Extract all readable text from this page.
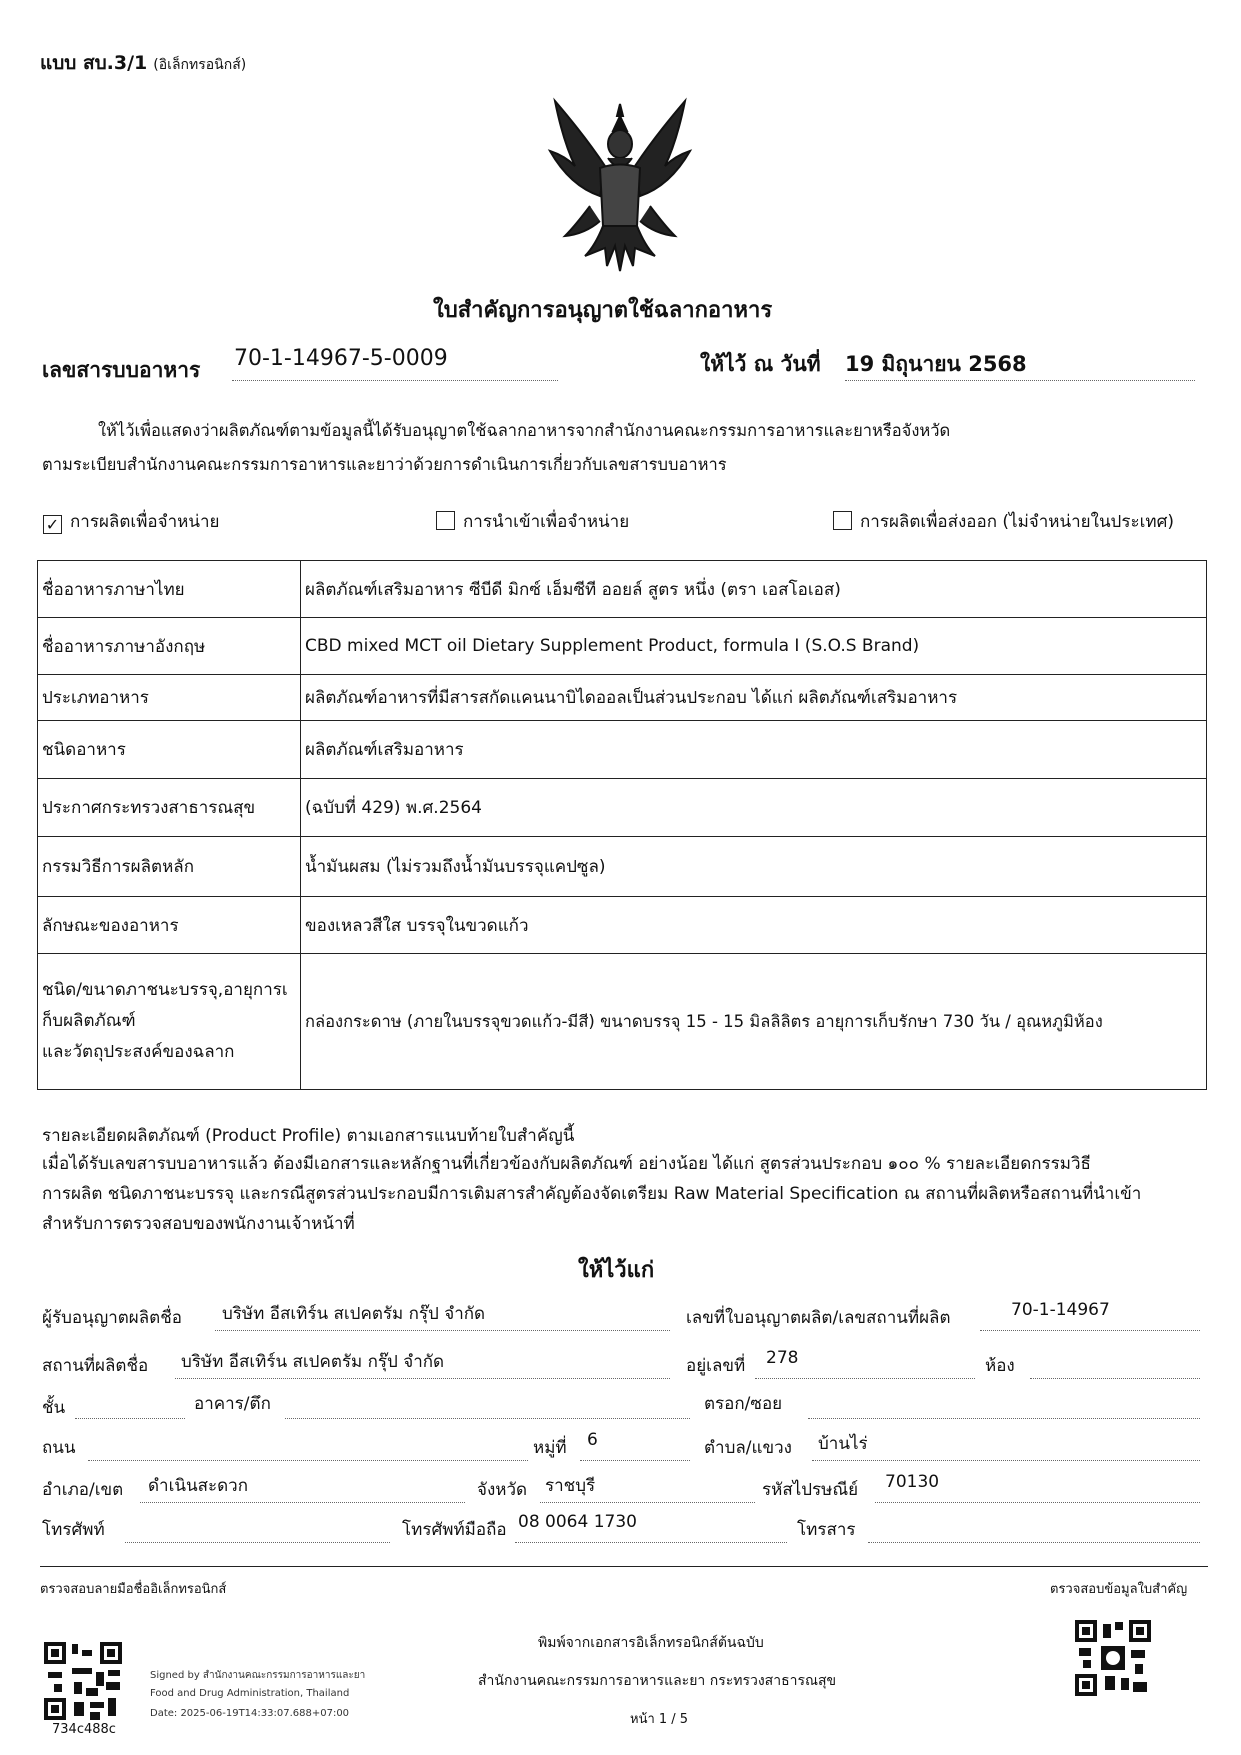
แบบ สบ.3/1 (อิเล็กทรอนิกส์)
ใบสำคัญการอนุญาตใช้ฉลากอาหาร
เลขสารบบอาหาร 70-1-14967-5-0009	ให้ไว้ ณ วันที่ 19 มิถุนายน 2568
ให้ไว้เพื่อแสดงว่าผลิตภัณฑ์ตามข้อมูลนี้ได้รับอนุญาตใช้ฉลากอาหารจากสำนักงานคณะกรรมการอาหารและยาหรือจังหวัด
ตามระเบียบสำนักงานคณะกรรมการอาหารและยาว่าด้วยการดำเนินการเกี่ยวกับเลขสารบบอาหาร
✓ การผลิตเพื่อจำหน่าย	การนำเข้าเพื่อจำหน่าย	การผลิตเพื่อส่งออก (ไม่จำหน่ายในประเทศ)
ชื่ออาหารภาษาไทย	ผลิตภัณฑ์เสริมอาหาร ซีบีดี มิกซ์ เอ็มซีที ออยล์ สูตร หนึ่ง (ตรา เอสโอเอส)
ชื่ออาหารภาษาอังกฤษ	CBD mixed MCT oil Dietary Supplement Product, formula I (S.O.S Brand)
ประเภทอาหาร	ผลิตภัณฑ์อาหารที่มีสารสกัดแคนนาบิไดออลเป็นส่วนประกอบ ได้แก่ ผลิตภัณฑ์เสริมอาหาร
ชนิดอาหาร	ผลิตภัณฑ์เสริมอาหาร
ประกาศกระทรวงสาธารณสุข	(ฉบับที่ 429) พ.ศ.2564
กรรมวิธีการผลิตหลัก	น้ำมันผสม (ไม่รวมถึงน้ำมันบรรจุแคปซูล)
ลักษณะของอาหาร	ของเหลวสีใส บรรจุในขวดแก้ว

ชนิด/ขนาดภาชนะบรรจุ,อายุการเ
ก็บผลิตภัณฑ์
และวัตถุประสงค์ของฉลาก	กล่องกระดาษ (ภายในบรรจุขวดแก้ว-มีสี) ขนาดบรรจุ 15 - 15 มิลลิลิตร อายุการเก็บรักษา 730 วัน / อุณหภูมิห้อง
รายละเอียดผลิตภัณฑ์ (Product Profile) ตามเอกสารแนบท้ายใบสำคัญนี้
เมื่อได้รับเลขสารบบอาหารแล้ว ต้องมีเอกสารและหลักฐานที่เกี่ยวข้องกับผลิตภัณฑ์ อย่างน้อย ได้แก่ สูตรส่วนประกอบ ๑๐๐ % รายละเอียดกรรมวิธี
การผลิต ชนิดภาชนะบรรจุ และกรณีสูตรส่วนประกอบมีการเติมสารสำคัญต้องจัดเตรียม Raw Material Specification ณ สถานที่ผลิตหรือสถานที่นำเข้า
สำหรับการตรวจสอบของพนักงานเจ้าหน้าที่
ให้ไว้แก่
ผู้รับอนุญาตผลิตชื่อ บริษัท อีสเทิร์น สเปคตรัม กรุ๊ป จำกัด	เลขที่ใบอนุญาตผลิต/เลขสถานที่ผลิต	70-1-14967
สถานที่ผลิตชื่อ บริษัท อีสเทิร์น สเปคตรัม กรุ๊ป จำกัด	อยู่เลขที่ 278	ห้อง
ชั้น	อาคาร/ตึก	ตรอก/ซอย
ถนน	หมู่ที่ 6	ตำบล/แขวง บ้านไร่
อำเภอ/เขต ดำเนินสะดวก	จังหวัด ราชบุรี	รหัสไปรษณีย์ 70130
โทรศัพท์	โทรศัพท์มือถือ 08 0064 1730	โทรสาร
ตรวจสอบลายมือชื่ออิเล็กทรอนิกส์	ตรวจสอบข้อมูลใบสำคัญ
734c488c
Signed by สำนักงานคณะกรรมการอาหารและยา
Food and Drug Administration, Thailand
Date: 2025-06-19T14:33:07.688+07:00
พิมพ์จากเอกสารอิเล็กทรอนิกส์ต้นฉบับ
สำนักงานคณะกรรมการอาหารและยา กระทรวงสาธารณสุข
หน้า 1 / 5
